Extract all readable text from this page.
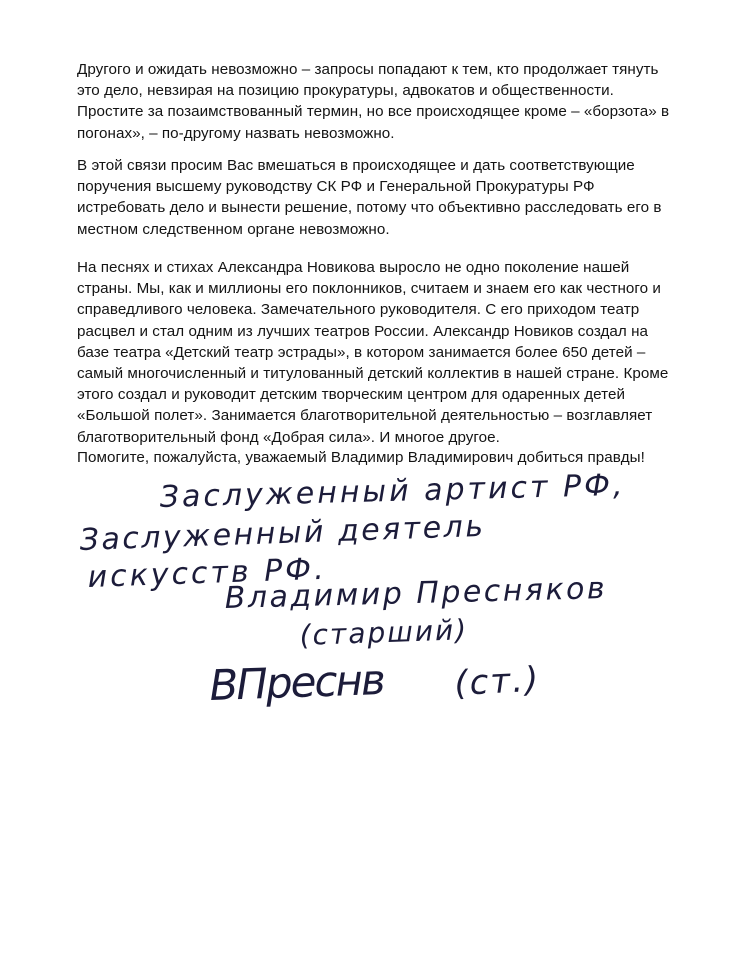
Другого и ожидать невозможно – запросы попадают к тем, кто продолжает тянуть
это дело, невзирая на позицию прокуратуры, адвокатов и общественности.
Простите за позаимствованный термин, но все происходящее кроме – «борзота» в
погонах», – по-другому назвать невозможно.
В этой связи просим Вас вмешаться в происходящее и дать соответствующие
поручения высшему руководству СК РФ и Генеральной Прокуратуры РФ
истребовать дело и вынести решение, потому что объективно расследовать его в
местном следственном органе невозможно.
На песнях и стихах Александра Новикова выросло не одно поколение нашей
страны. Мы, как и миллионы его поклонников, считаем и знаем его как честного и
справедливого человека. Замечательного руководителя. С его приходом театр
расцвел и стал одним из лучших театров России. Александр Новиков создал на
базе театра «Детский театр эстрады», в котором занимается более 650 детей –
самый многочисленный и титулованный детский коллектив в нашей стране. Кроме
этого создал и руководит детским творческим центром для одаренных детей
«Большой полет». Занимается благотворительной деятельностью – возглавляет
благотворительный фонд «Добрая сила». И многое другое.
Помогите, пожалуйста, уважаемый Владимир Владимирович добиться правды!
Заслуженный артист РФ,
Заслуженный деятель
искусств РФ.
Владимир Пресняков
(старший)
ВПреснв (ст.)
